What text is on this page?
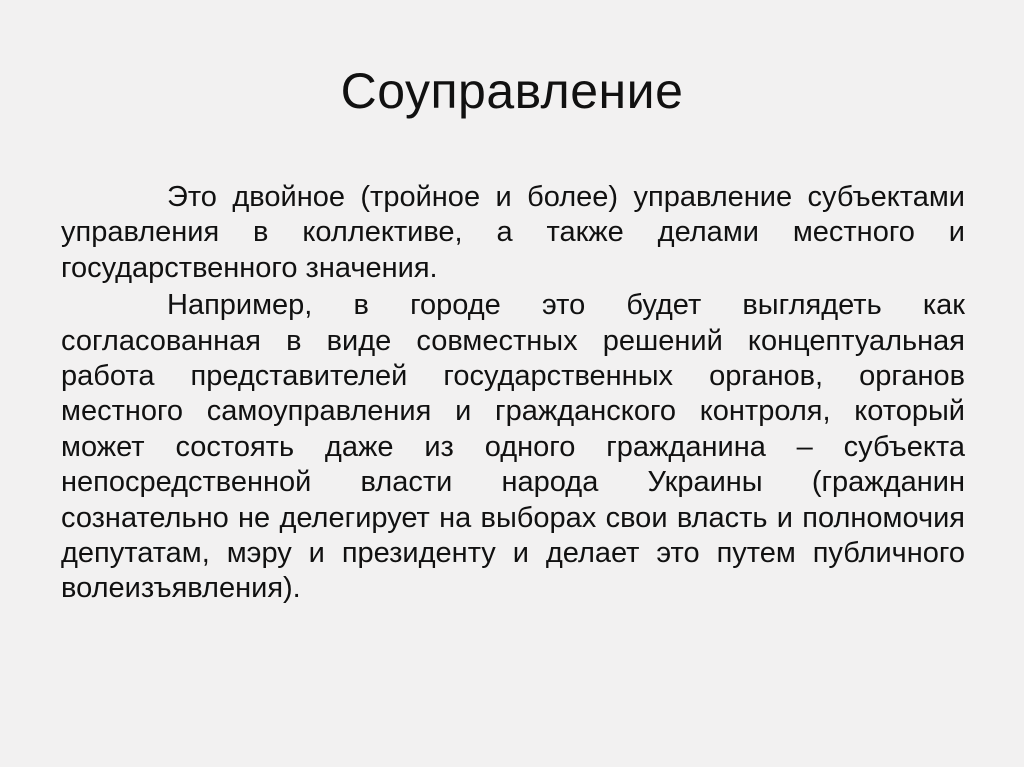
Соуправление

Это двойное (тройное и более) управление субъектами управления в коллективе, а также делами местного и государственного значения.

Например, в городе это будет выглядеть как согласованная в виде совместных решений концептуальная работа представителей государственных органов, органов местного самоуправления и гражданского контроля, который может состоять даже из одного гражданина – субъекта непосредственной власти народа Украины (гражданин сознательно не делегирует на выборах свои власть и полномочия депутатам, мэру и президенту и делает это путем публичного волеизъявления).
